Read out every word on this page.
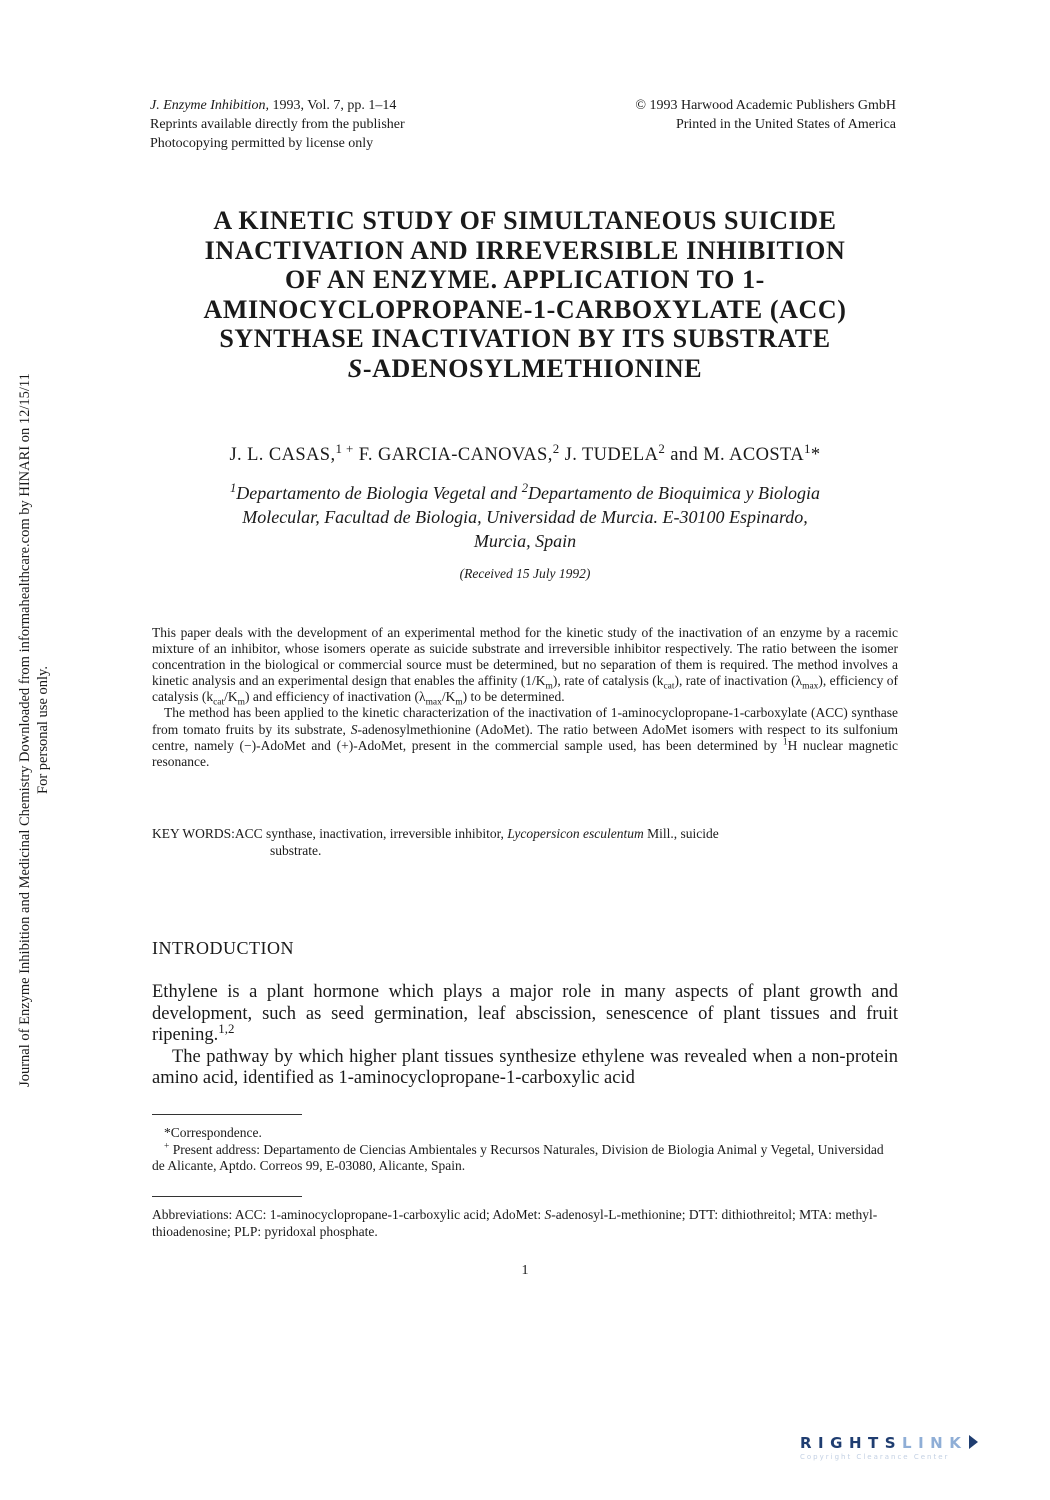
Journal of Enzyme Inhibition and Medicinal Chemistry Downloaded from informahealthcare.com by HINARI on 12/15/11 For personal use only.
J. Enzyme Inhibition, 1993, Vol. 7, pp. 1–14
Reprints available directly from the publisher
Photocopying permitted by license only
© 1993 Harwood Academic Publishers GmbH
Printed in the United States of America
A KINETIC STUDY OF SIMULTANEOUS SUICIDE
INACTIVATION AND IRREVERSIBLE INHIBITION
OF AN ENZYME. APPLICATION TO 1-
AMINOCYCLOPROPANE-1-CARBOXYLATE (ACC)
SYNTHASE INACTIVATION BY ITS SUBSTRATE
S-ADENOSYLMETHIONINE
J. L. CASAS,$^{1 +}$ F. GARCIA-CANOVAS,$^2$ J. TUDELA$^2$ and M. ACOSTA$^1$*
$^1$Departamento de Biologia Vegetal and $^2$Departamento de Bioquimica y Biologia
Molecular, Facultad de Biologia, Universidad de Murcia. E-30100 Espinardo,
Murcia, Spain
(Received 15 July 1992)

This paper deals with the development of an experimental method for the kinetic study of the inactivation of an enzyme by a racemic mixture of an inhibitor, whose isomers operate as suicide substrate and irreversible inhibitor respectively. The ratio between the isomer concentration in the biological or commercial source must be determined, but no separation of them is required. The method involves a kinetic analysis and an experimental design that enables the affinity $(1/K_m)$, rate of catalysis $(k_{cat})$, rate of inactivation $(\lambda_{max})$, efficiency of catalysis $(k_{cat}/K_m)$ and efficiency of inactivation $(\lambda_{max}/K_m)$ to be determined.

The method has been applied to the kinetic characterization of the inactivation of 1-aminocyclopropane-1-carboxylate (ACC) synthase from tomato fruits by its substrate, S-adenosylmethionine (AdoMet). The ratio between AdoMet isomers with respect to its sulfonium centre, namely (−)-AdoMet and (+)-AdoMet, present in the commercial sample used, has been determined by $^1$H nuclear magnetic resonance.

KEY WORDS: ACC synthase, inactivation, irreversible inhibitor, Lycopersicon esculentum Mill., suicide
substrate.
INTRODUCTION

Ethylene is a plant hormone which plays a major role in many aspects of plant growth and development, such as seed germination, leaf abscission, senescence of plant tissues and fruit ripening.$^{1,2}$

The pathway by which higher plant tissues synthesize ethylene was revealed when a non-protein amino acid, identified as 1-aminocyclopropane-1-carboxylic acid

*Correspondence.

+ Present address: Departamento de Ciencias Ambientales y Recursos Naturales, Division de Biologia Animal y Vegetal, Universidad de Alicante, Aptdo. Correos 99, E-03080, Alicante, Spain.

Abbreviations: ACC: 1-aminocyclopropane-1-carboxylic acid; AdoMet: S-adenosyl-L-methionine; DTT: dithiothreitol; MTA: methyl-thioadenosine; PLP: pyridoxal phosphate.

1
RIGHTSLINK
Copyright Clearance Center
